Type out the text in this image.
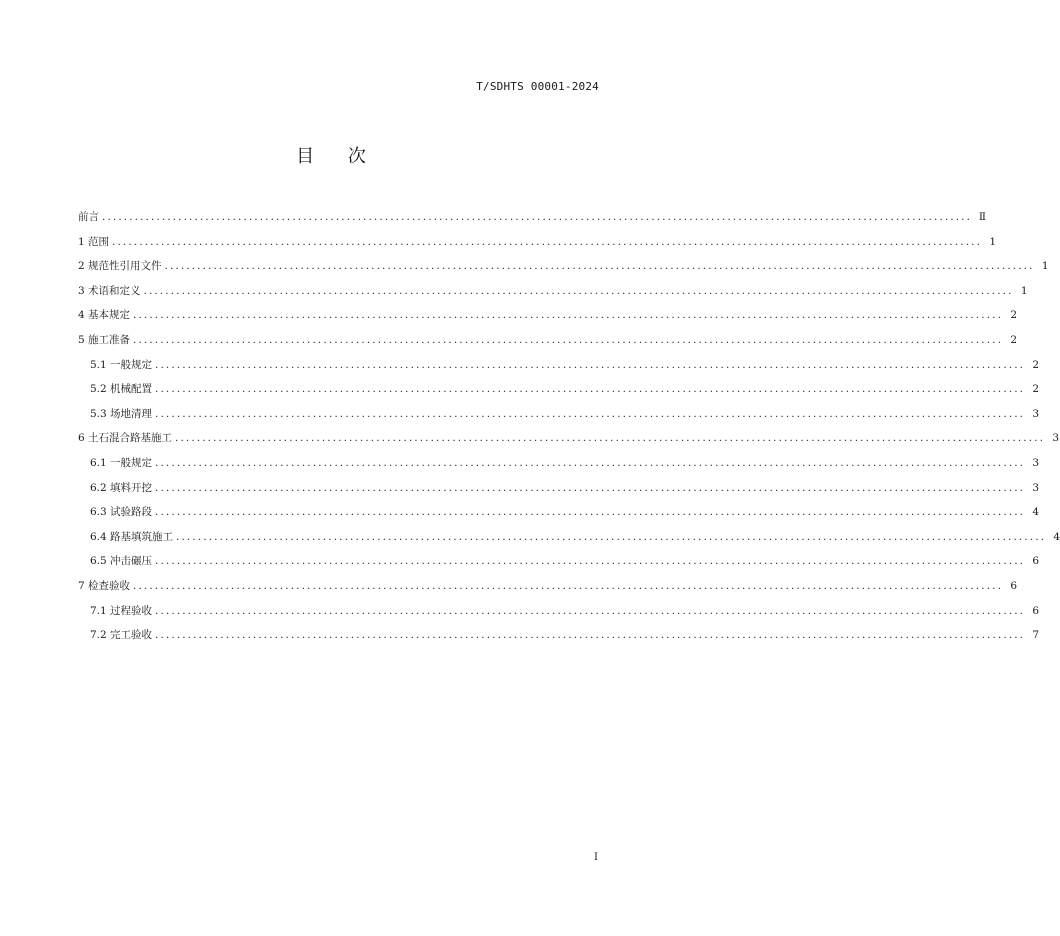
T/SDHTS 00001-2024
目 次
前言 ................................................................................................................................................................ Ⅱ
1 范围 ................................................................................................................................................................ 1
2 规范性引用文件 ................................................................................................................................................................ 1
3 术语和定义 ................................................................................................................................................................ 1
4 基本规定 ................................................................................................................................................................ 2
5 施工准备 ................................................................................................................................................................ 2
5.1 一般规定 ................................................................................................................................................................ 2
5.2 机械配置 ................................................................................................................................................................ 2
5.3 场地清理 ................................................................................................................................................................ 3
6 土石混合路基施工 ................................................................................................................................................................ 3
6.1 一般规定 ................................................................................................................................................................ 3
6.2 填料开挖 ................................................................................................................................................................ 3
6.3 试验路段 ................................................................................................................................................................ 4
6.4 路基填筑施工 ................................................................................................................................................................ 4
6.5 冲击碾压 ................................................................................................................................................................ 6
7 检查验收 ................................................................................................................................................................ 6
7.1 过程验收 ................................................................................................................................................................ 6
7.2 完工验收 ................................................................................................................................................................ 7
I
